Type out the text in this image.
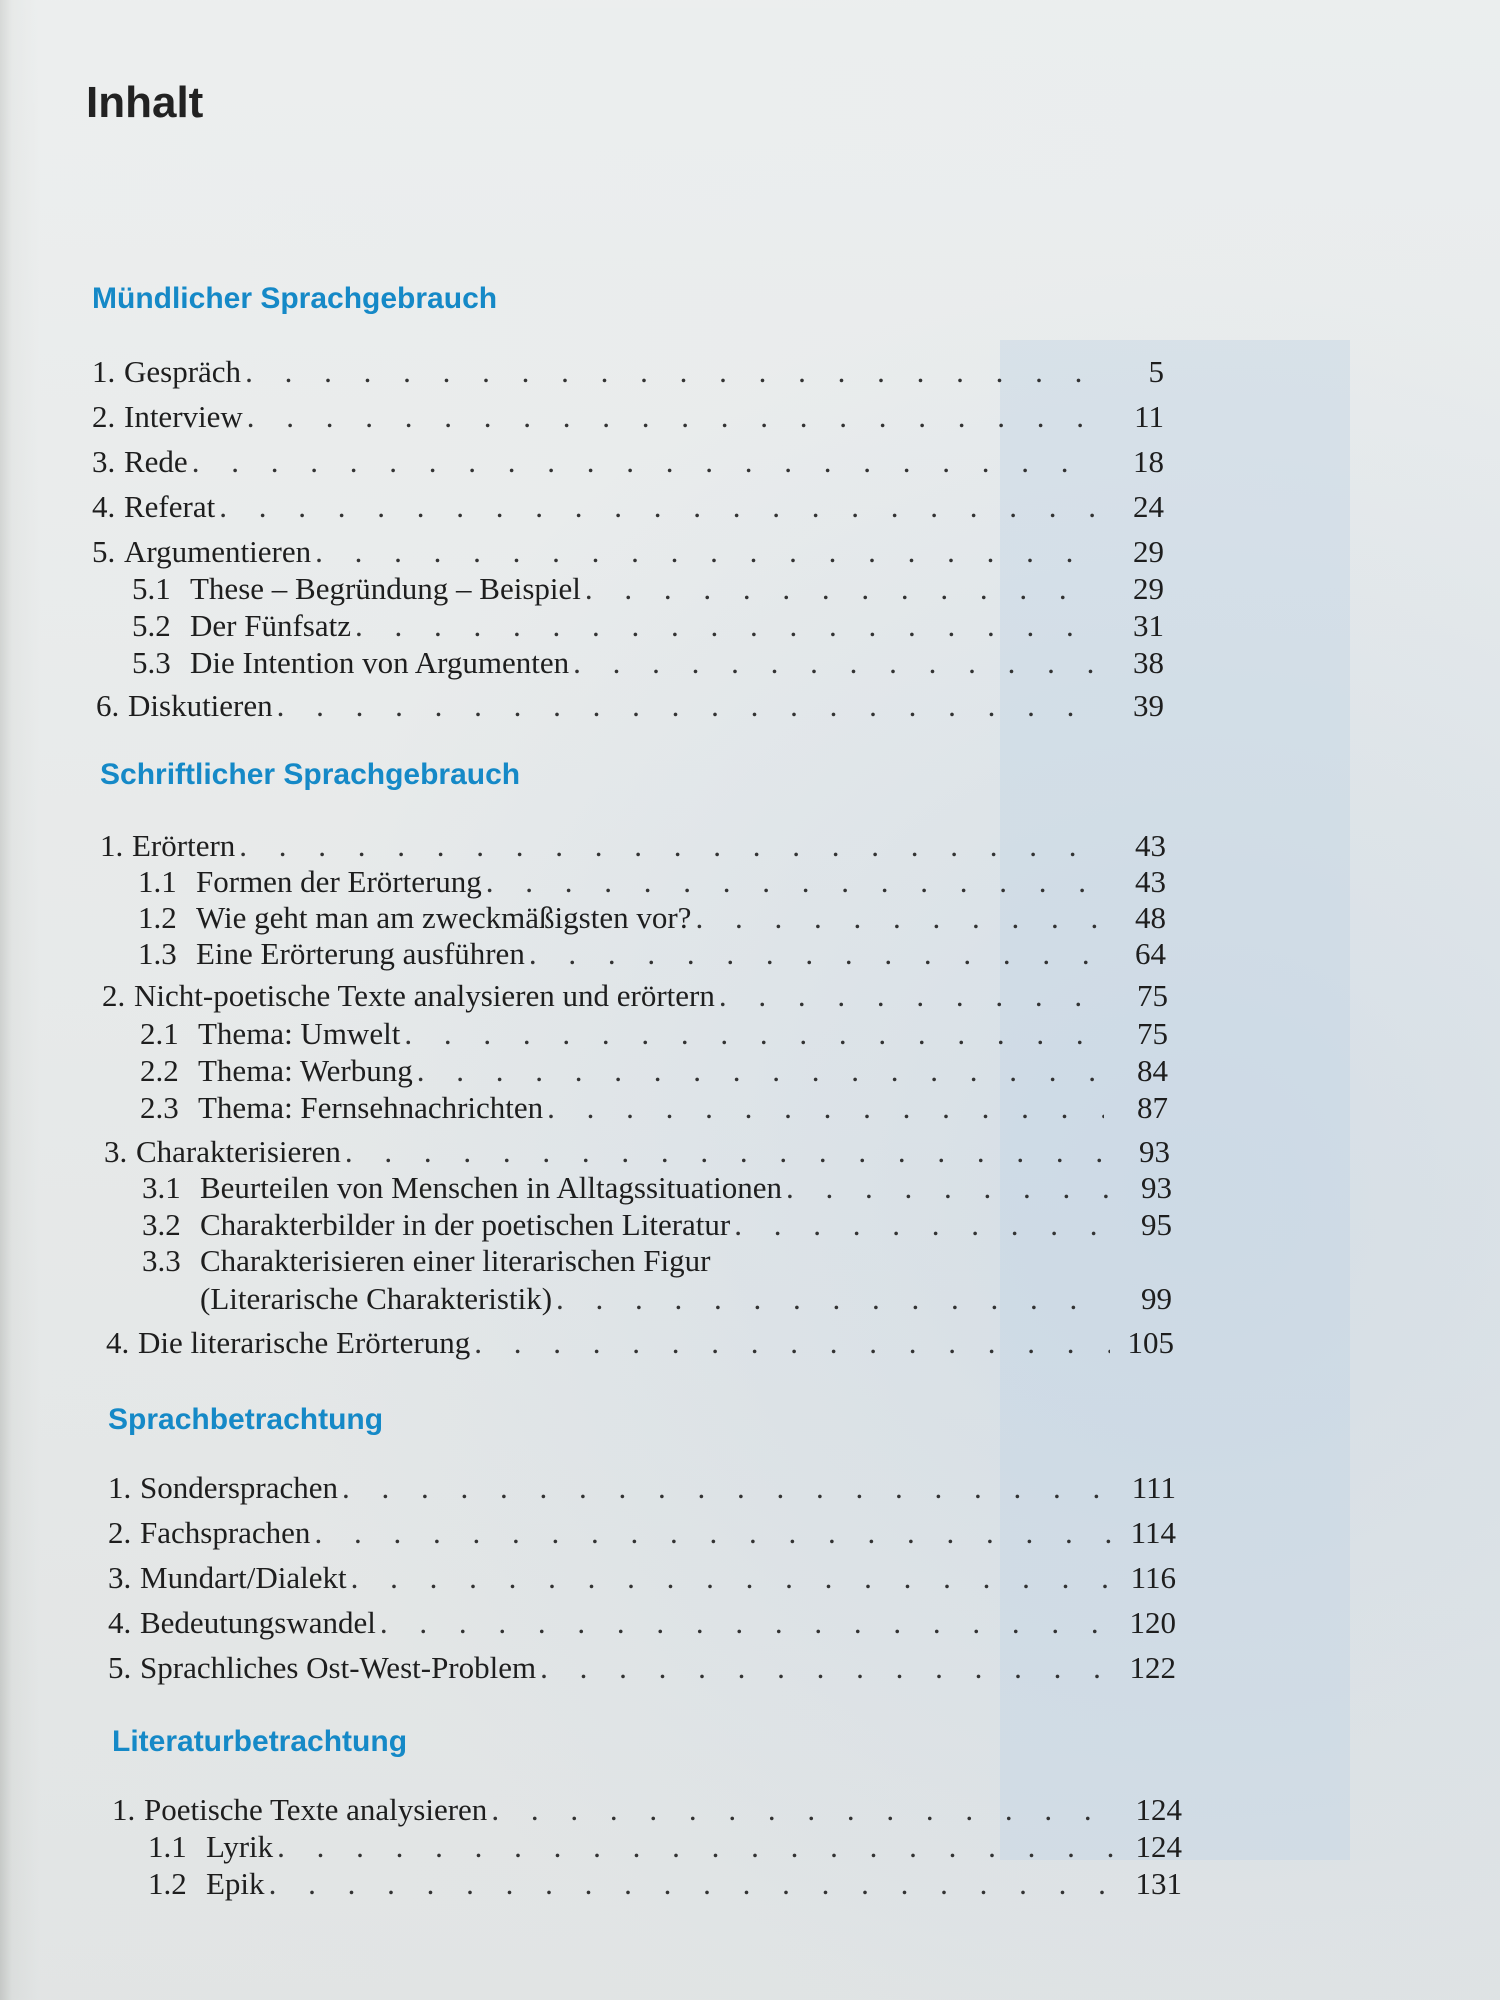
Inhalt
Mündlicher Sprachgebrauch
1. Gespräch . . .	5
2. Interview . . .	11
3. Rede . . .	18
4. Referat . . .	24
5. Argumentieren . . .	29
5.1 These – Begründung – Beispiel . . .	29
5.2 Der Fünfsatz . . .	31
5.3 Die Intention von Argumenten . . .	38
6. Diskutieren . . .	39
Schriftlicher Sprachgebrauch
1. Erörtern . . .	43
1.1 Formen der Erörterung . . .	43
1.2 Wie geht man am zweckmäßigsten vor? . . .	48
1.3 Eine Erörterung ausführen . . .	64
2. Nicht-poetische Texte analysieren und erörtern . . .	75
2.1 Thema: Umwelt . . .	75
2.2 Thema: Werbung . . .	84
2.3 Thema: Fernsehnachrichten . . .	87
3. Charakterisieren . . .	93
3.1 Beurteilen von Menschen in Alltagssituationen . . .	93
3.2 Charakterbilder in der poetischen Literatur . . .	95
3.3 Charakterisieren einer literarischen Figur
(Literarische Charakteristik) . . .	99
4. Die literarische Erörterung . . .	105
Sprachbetrachtung
1. Sondersprachen . . .	111
2. Fachsprachen . . .	114
3. Mundart/Dialekt . . .	116
4. Bedeutungswandel . . .	120
5. Sprachliches Ost-West-Problem . . .	122
Literaturbetrachtung
1. Poetische Texte analysieren . . .	124
1.1 Lyrik . . .	124
1.2 Epik . . .	131
